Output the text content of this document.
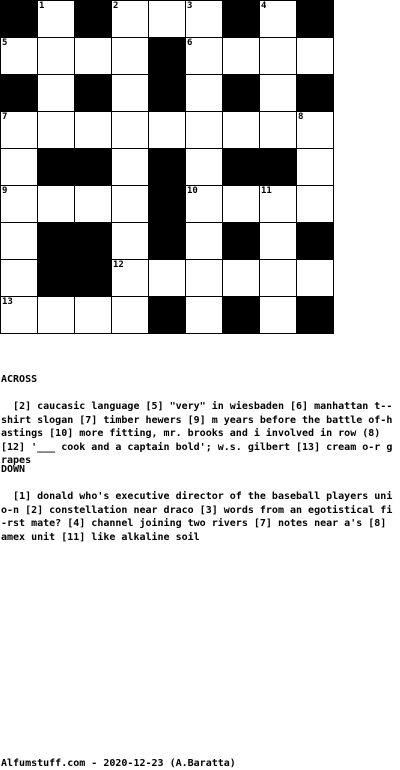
1	2	3	4
5	6
7	8
9	10	11
12
13

ACROSS

[2] caucasic language [5] "very" in wiesbaden [6] manhattan t--shirt slogan [7] timber hewers [9] m years before the battle of-hastings [10] more fitting, mr. brooks and i involved in row (8) [12] '___ cook and a captain bold'; w.s. gilbert [13] cream o-r grapes

DOWN

[1] donald who's executive director of the baseball players unio-n [2] constellation near draco [3] words from an egotistical fi-rst mate? [4] channel joining two rivers [7] notes near a's [8] amex unit [11] like alkaline soil

Alfumstuff.com - 2020-12-23 (A.Baratta)
